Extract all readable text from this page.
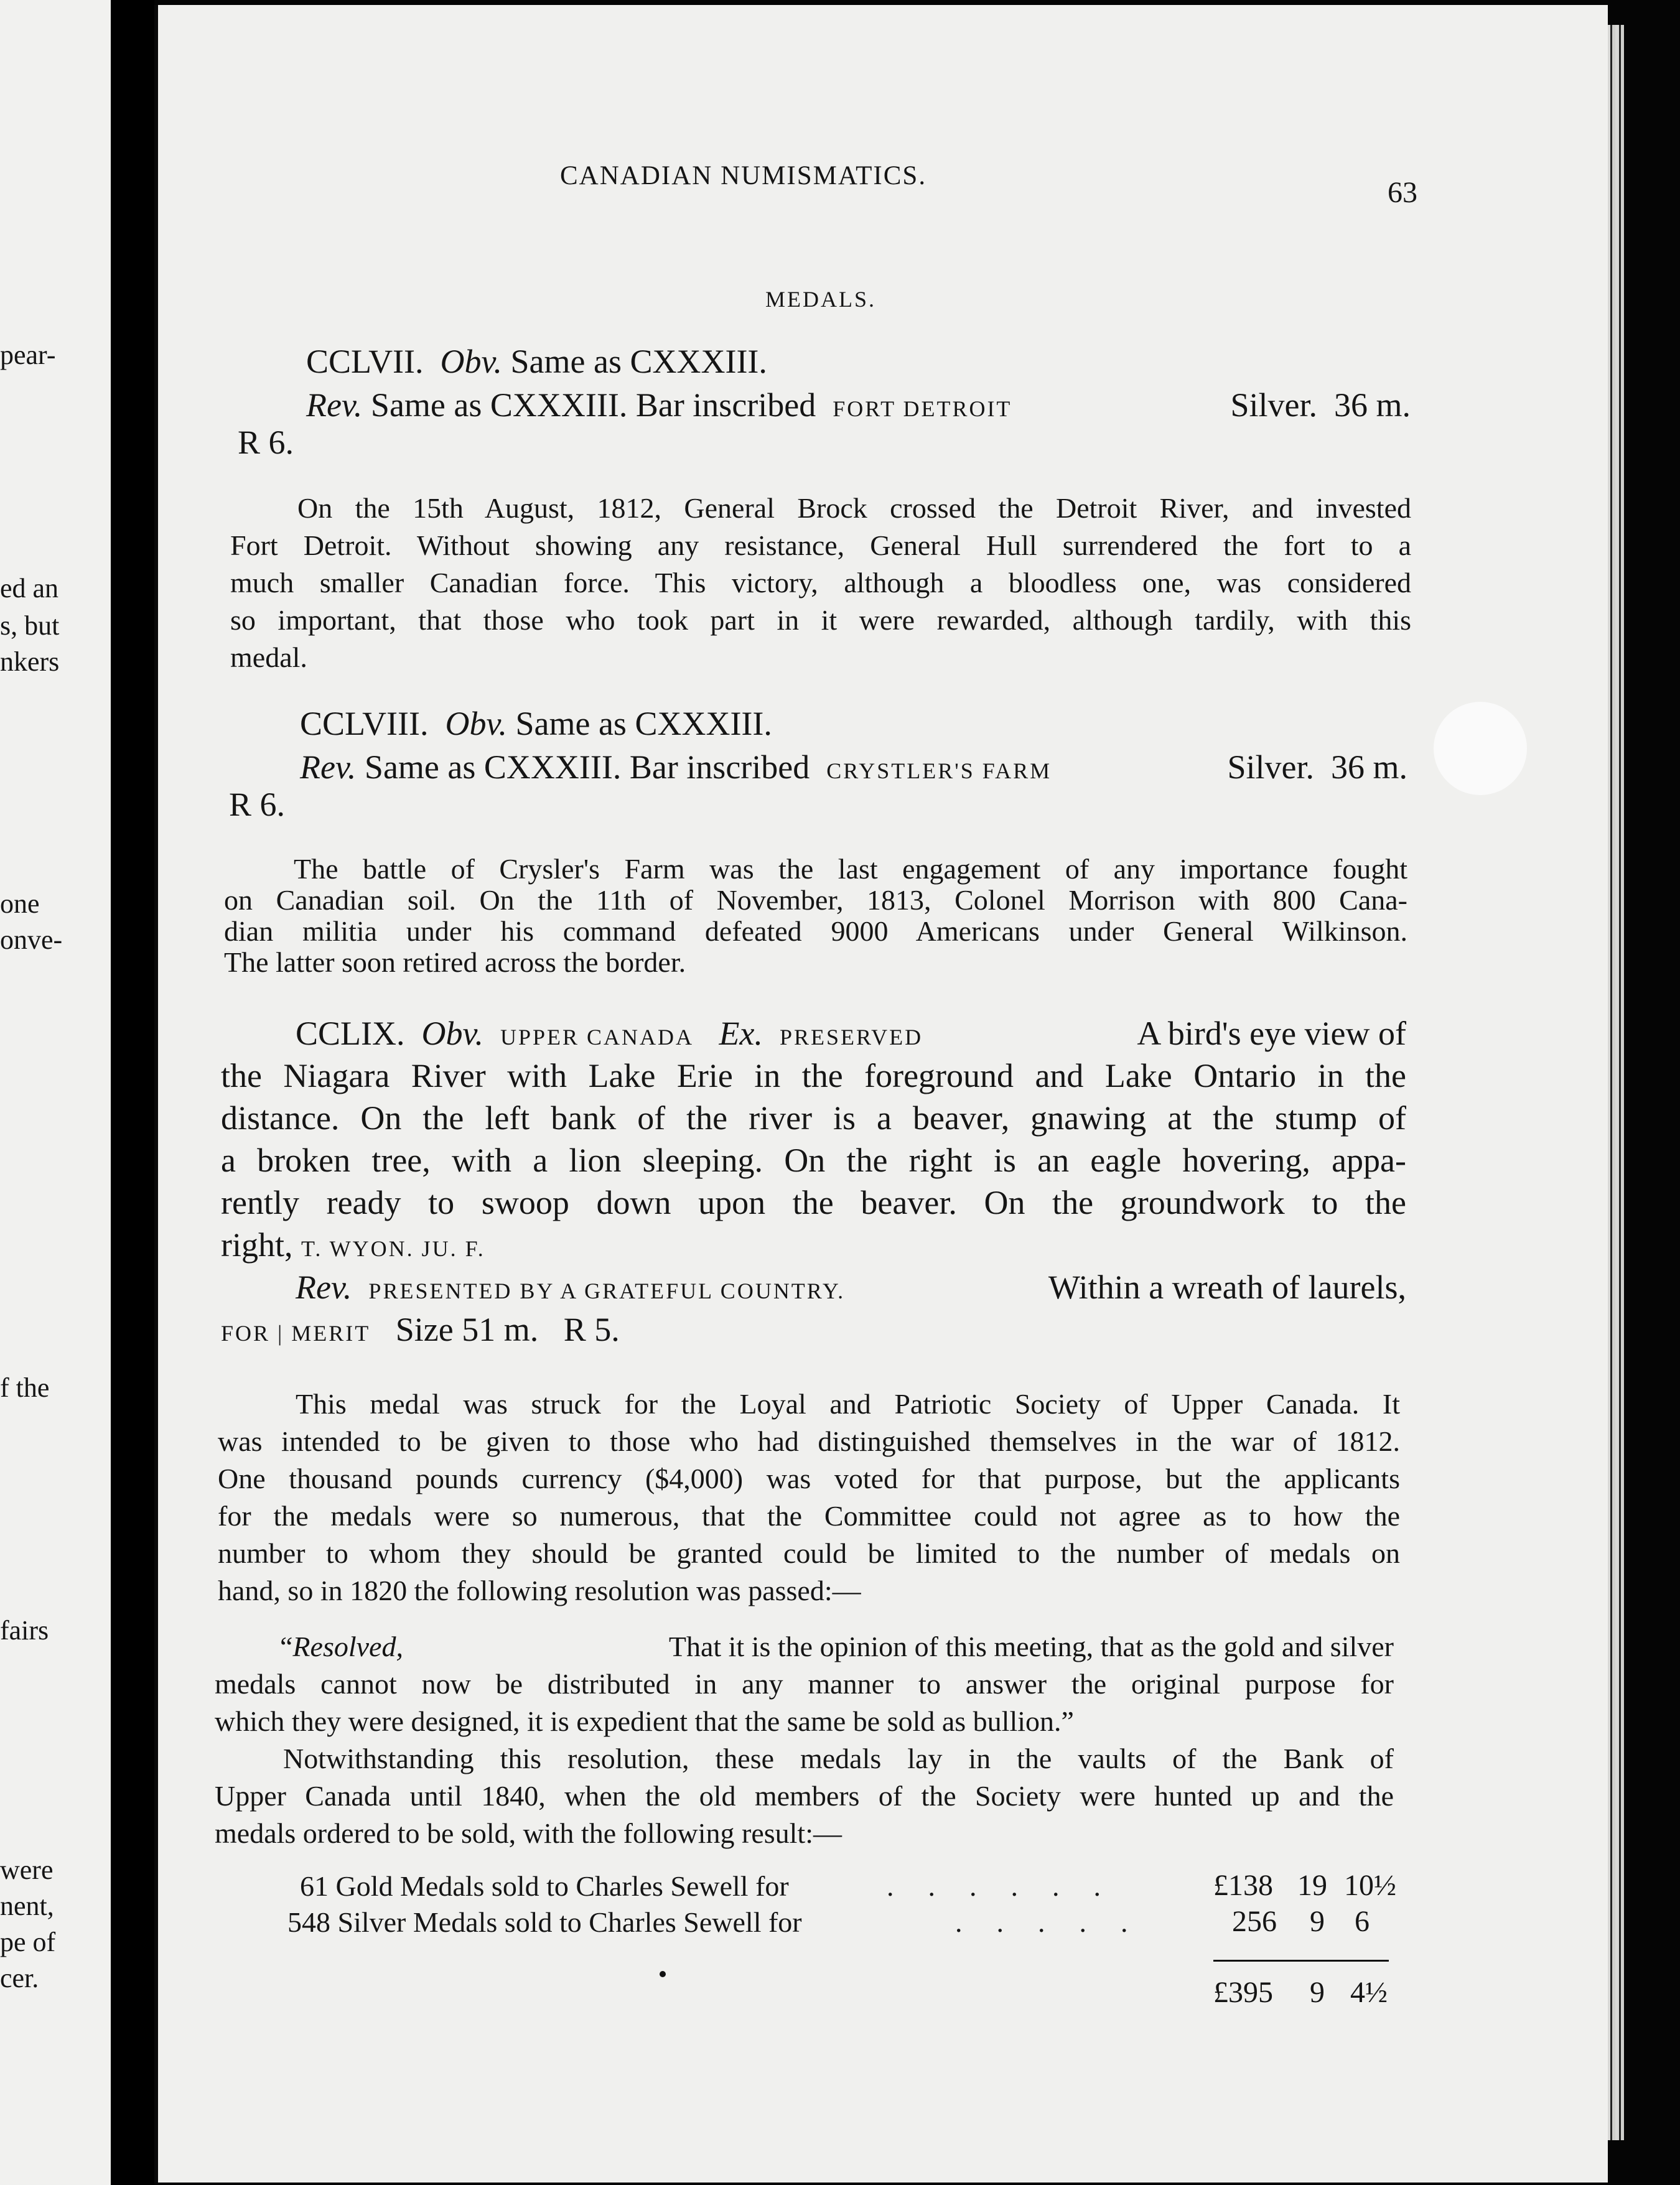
pear-
ed an
s, but
nkers
one
onve-
f the
fairs
were
nent,
pe of
cer.
CANADIAN NUMISMATICS.
63
MEDALS.
CCLVII. Obv. Same as CXXXIII.
Rev. Same as CXXXIII. Bar inscribed FORT DETROIT	Silver. 36 m.
R 6.
On the 15th August, 1812, General Brock crossed the Detroit River, and invested
Fort Detroit. Without showing any resistance, General Hull surrendered the fort to a
much smaller Canadian force. This victory, although a bloodless one, was considered
so important, that those who took part in it were rewarded, although tardily, with this
medal.
CCLVIII. Obv. Same as CXXXIII.
Rev. Same as CXXXIII. Bar inscribed CRYSTLER'S FARM	Silver. 36 m.
R 6.
The battle of Crysler's Farm was the last engagement of any importance fought
on Canadian soil. On the 11th of November, 1813, Colonel Morrison with 800 Cana-
dian militia under his command defeated 9000 Americans under General Wilkinson.
The latter soon retired across the border.
CCLIX. Obv. UPPER CANADA Ex. PRESERVED	A bird's eye view of
the Niagara River with Lake Erie in the foreground and Lake Ontario in the
distance. On the left bank of the river is a beaver, gnawing at the stump of
a broken tree, with a lion sleeping. On the right is an eagle hovering, appa-
rently ready to swoop down upon the beaver. On the groundwork to the
right, T. WYON. JU. F.
Rev. PRESENTED BY A GRATEFUL COUNTRY.	Within a wreath of laurels,
FOR | MERIT Size 51 m. R 5.
This medal was struck for the Loyal and Patriotic Society of Upper Canada. It
was intended to be given to those who had distinguished themselves in the war of 1812.
One thousand pounds currency ($4,000) was voted for that purpose, but the applicants
for the medals were so numerous, that the Committee could not agree as to how the
number to whom they should be granted could be limited to the number of medals on
hand, so in 1820 the following resolution was passed:—
“Resolved,	That it is the opinion of this meeting, that as the gold and silver
medals cannot now be distributed in any manner to answer the original purpose for
which they were designed, it is expedient that the same be sold as bullion.”
Notwithstanding this resolution, these medals lay in the vaults of the Bank of
Upper Canada until 1840, when the old members of the Society were hunted up and the
medals ordered to be sold, with the following result:—
61 Gold Medals sold to Charles Sewell for	......	£138 19 10½
548 Silver Medals sold to Charles Sewell for	..... 256 9 6
£395 9 4½
